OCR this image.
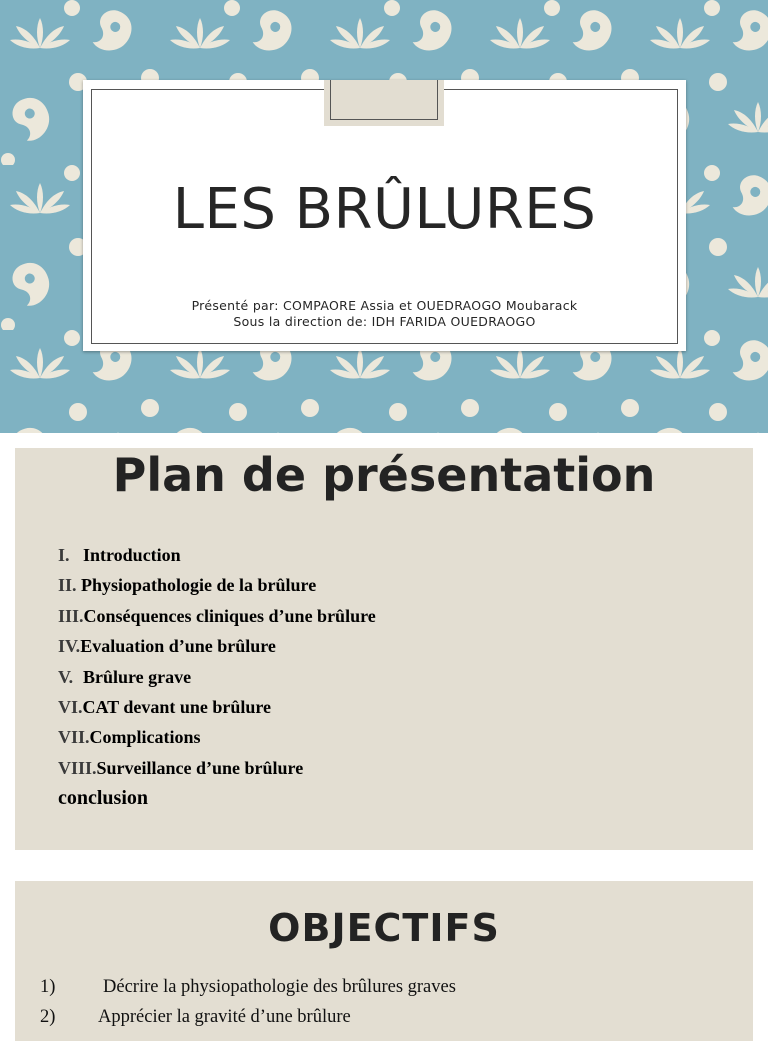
LES BRÛLURES
Présenté par: COMPAORE Assia et OUEDRAOGO Moubarack
Sous la direction de: IDH FARIDA OUEDRAOGO
Plan de présentation
I. Introduction
II. Physiopathologie de la brûlure
III.Conséquences cliniques d’une brûlure
IV.Evaluation d’une brûlure
V. Brûlure grave
VI.CAT devant une brûlure
VII.Complications
VIII.Surveillance d’une brûlure
conclusion
OBJECTIFS
1)	Décrire la physiopathologie des brûlures graves
2) Apprécier la gravité d’une brûlure
